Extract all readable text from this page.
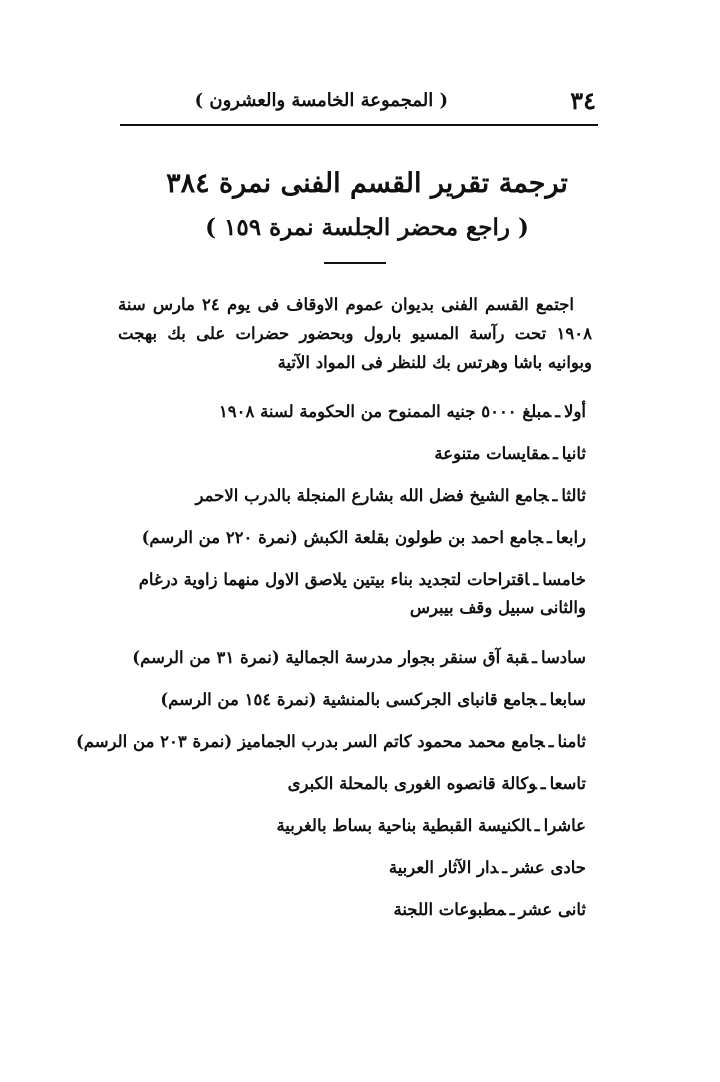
٣٤
( المجموعة الخامسة والعشرون )
ترجمة تقرير القسم الفنى نمرة ٣٨٤
( راجع محضر الجلسة نمرة ١٥٩ )
اجتمع القسم الفنى بديوان عموم الاوقاف فى يوم ٢٤ مارس سنة ١٩٠٨ تحت رآسة المسيو بارول وبحضور حضرات على بك بهجت وبوانيه باشا وهرتس بك للنظر فى المواد الآتية
أولاـمبلغ ٥٠٠٠ جنيه الممنوح من الحكومة لسنة ١٩٠٨
ثانياـمقايسات متنوعة
ثالثاـجامع الشيخ فضل الله بشارع المنجلة بالدرب الاحمر
رابعاـجامع احمد بن طولون بقلعة الكبش (نمرة ٢٢٠ من الرسم)
خامساـاقتراحات لتجديد بناء بيتين يلاصق الاول منهما زاوية درغام والثانى سبيل وقف بيبرس
سادساـقبة آق سنقر بجوار مدرسة الجمالية (نمرة ٣١ من الرسم)
سابعاـجامع قانباى الجركسى بالمنشية (نمرة ١٥٤ من الرسم)
ثامناـجامع محمد محمود كاتم السر بدرب الجماميز (نمرة ٢٠٣ من الرسم)
تاسعاـوكالة قانصوه الغورى بالمحلة الكبرى
عاشراـالكنيسة القبطية بناحية بساط بالغربية
حادى عشرـدار الآثار العربية
ثانى عشرـمطبوعات اللجنة
